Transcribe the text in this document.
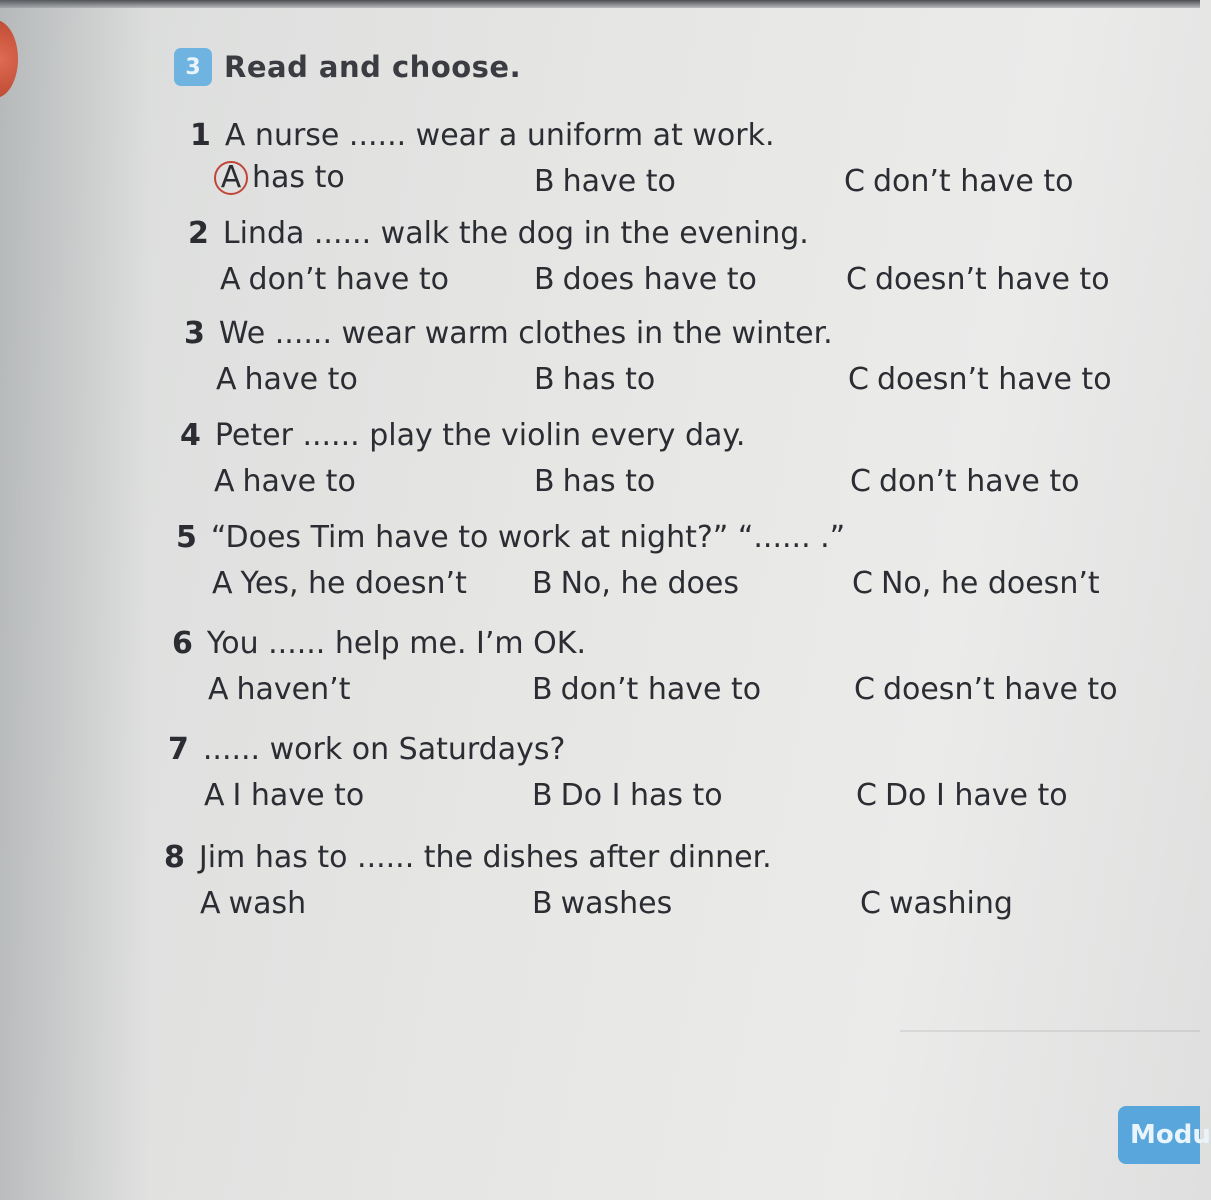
3 Read and choose.
1 A nurse ...... wear a uniform at work.
A has to	B have to	C don’t have to
2 Linda ...... walk the dog in the evening.
A don’t have to	B does have to	C doesn’t have to
3 We ...... wear warm clothes in the winter.
A have to	B has to	C doesn’t have to
4 Peter ...... play the violin every day.
A have to	B has to	C don’t have to
5 “Does Tim have to work at night?” “...... .”
A Yes, he doesn’t B No, he does	C No, he doesn’t
6 You ...... help me. I’m OK.
A haven’t	B don’t have to	C doesn’t have to
7 ...... work on Saturdays?
A I have to	B Do I has to	C Do I have to
8 Jim has to ...... the dishes after dinner.
A wash	B washes	C washing
Modu
